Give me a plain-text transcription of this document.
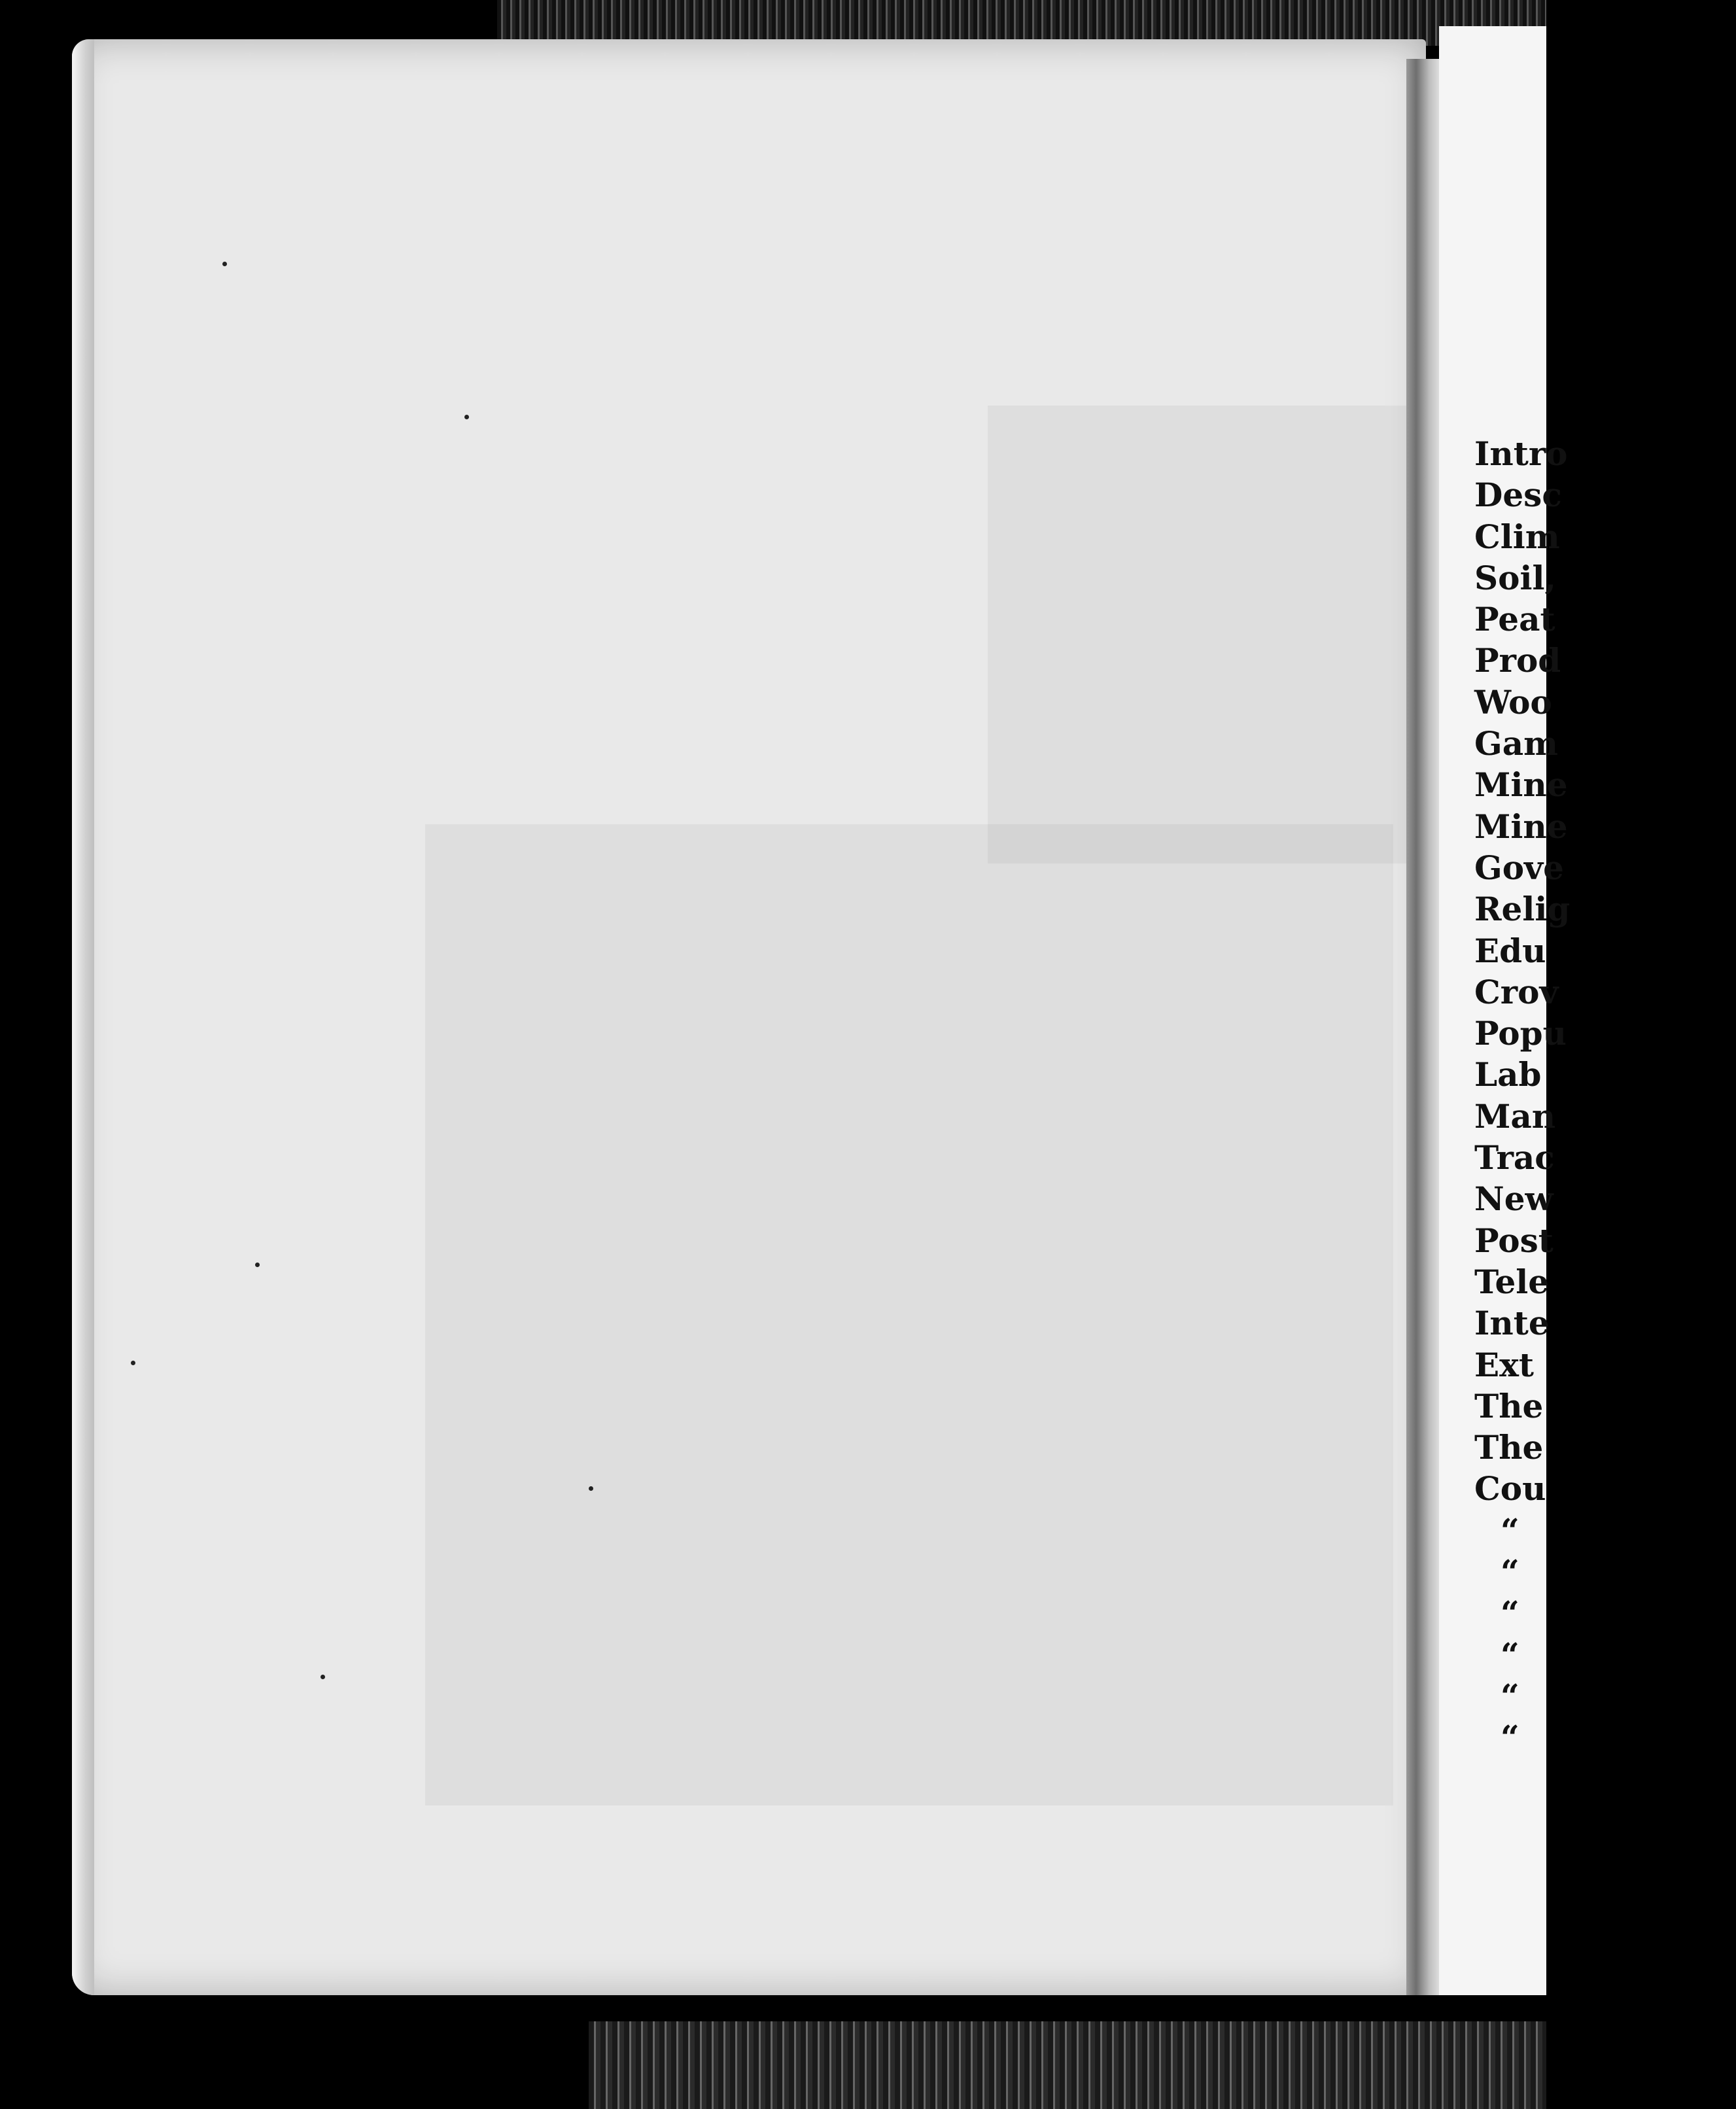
Intro
Desc
Clim
Soil,
Peat
Prod
Woo
Gam
Mine
Mine
Gove
Relig
Edu
Crov
Popu
Lab
Man
Trac
New
Post
Tele
Inte
Ext
The
The
Cou
“
“
“
“
“
“
